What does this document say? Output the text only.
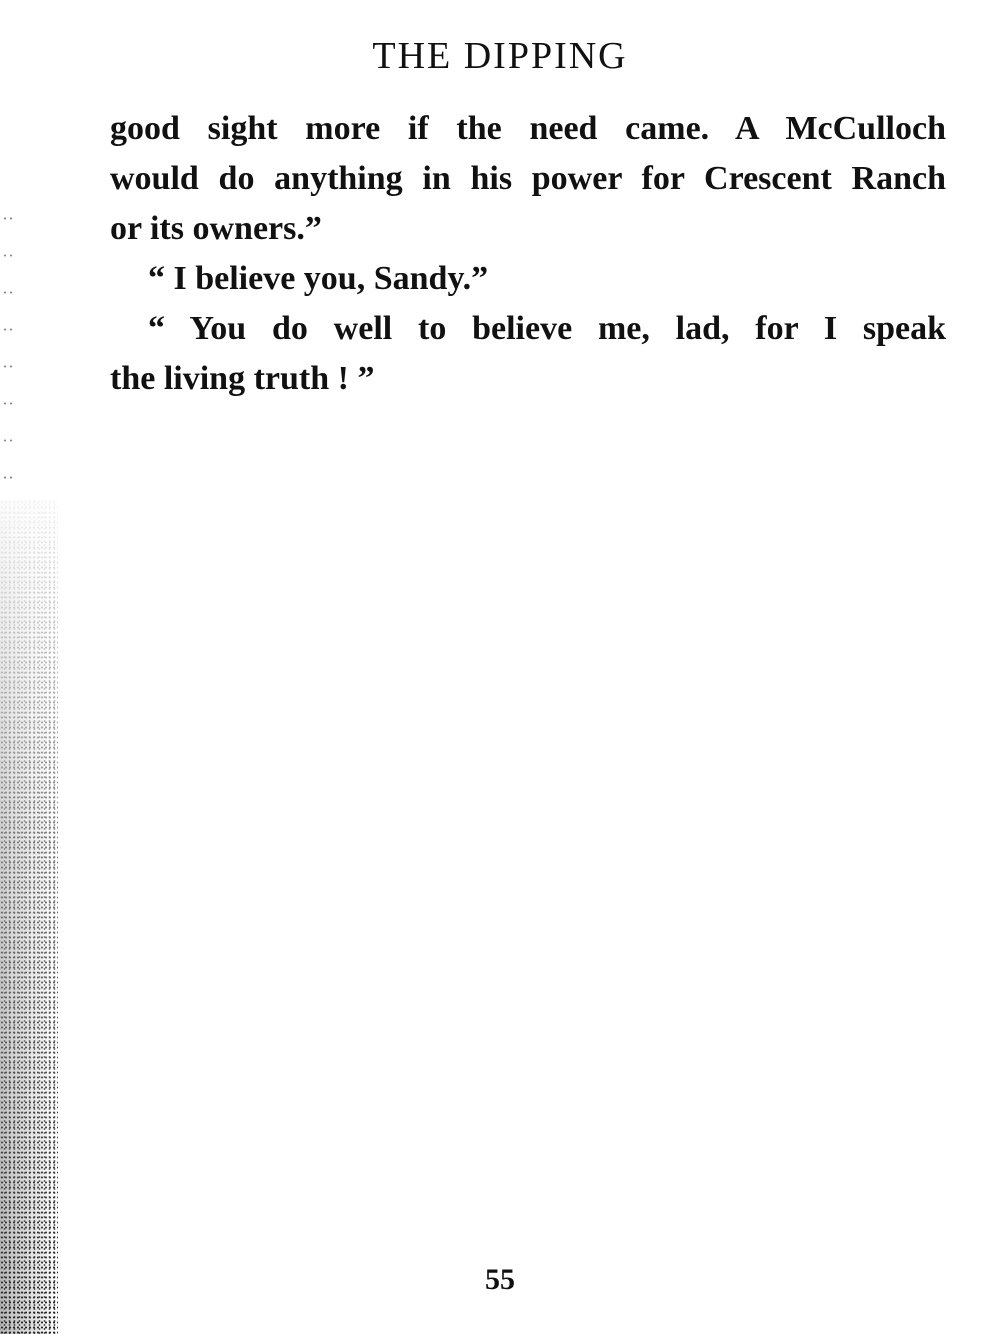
THE DIPPING
good sight more if the need came. A McCulloch
would do anything in his power for Crescent Ranch
or its owners.”
“ I believe you, Sandy.”
“ You do well to believe me, lad, for I speak
the living truth ! ”
55
